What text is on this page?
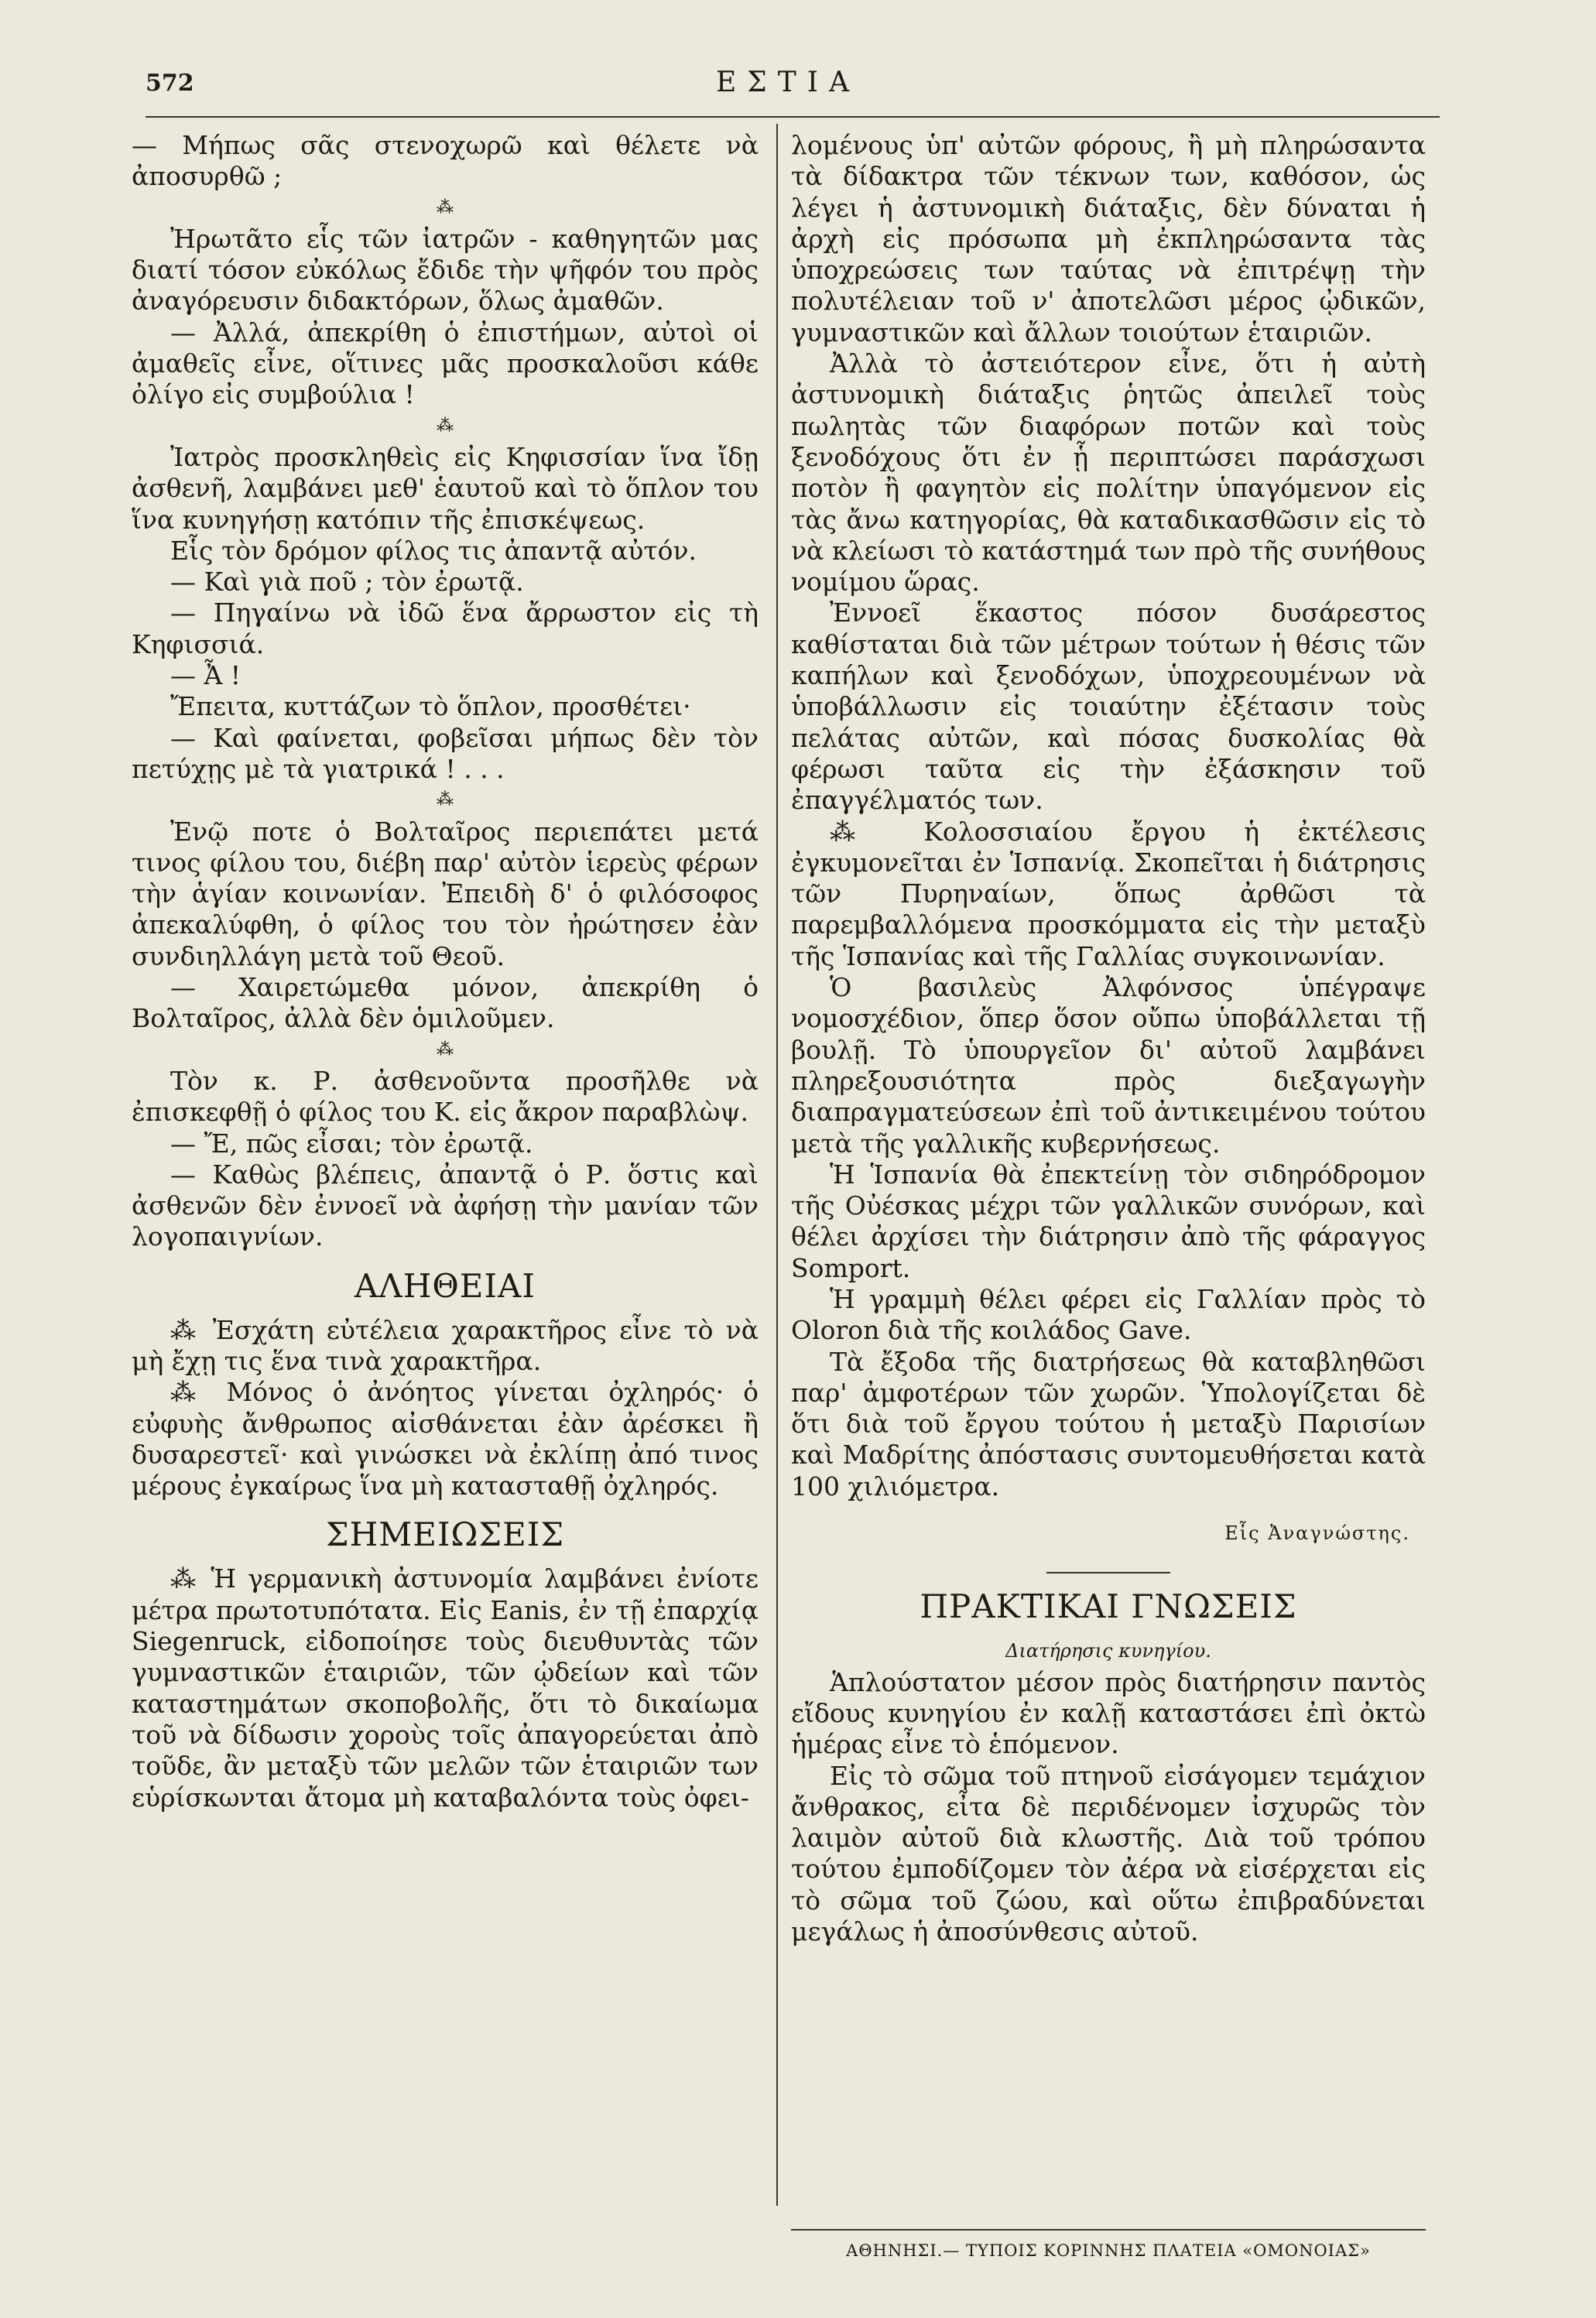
572	ΕΣΤΙΑ

— Μήπως σᾶς στενοχωρῶ καὶ θέλετε νὰ ἀποσυρθῶ ;

⁂

Ἠρωτᾶτο εἷς τῶν ἰατρῶν - καθηγητῶν μας διατί τόσον εὐκόλως ἔδιδε τὴν ψῆφόν του πρὸς ἀναγόρευσιν διδακτόρων, ὅλως ἀμαθῶν.

— Ἀλλά, ἀπεκρίθη ὁ ἐπιστήμων, αὐτοὶ οἱ ἀμαθεῖς εἶνε, οἵτινες μᾶς προσκαλοῦσι κάθε ὀλίγο εἰς συμβούλια !

⁂

Ἰατρὸς προσκληθεὶς εἰς Κηφισσίαν ἵνα ἴδῃ ἀσθενῆ, λαμβάνει μεθ' ἑαυτοῦ καὶ τὸ ὅπλον του ἵνα κυνηγήσῃ κατόπιν τῆς ἐπισκέψεως.

Εἷς τὸν δρόμον φίλος τις ἀπαντᾷ αὐτόν.

— Καὶ γιὰ ποῦ ; τὸν ἐρωτᾷ.

— Πηγαίνω νὰ ἰδῶ ἕνα ἄρρωστον εἰς τὴ Κηφισσιά.

— Ἆ !

Ἔπειτα, κυττάζων τὸ ὅπλον, προσθέτει·

— Καὶ φαίνεται, φοβεῖσαι μήπως δὲν τὸν πετύχῃς μὲ τὰ γιατρικά ! . . .

⁂

Ἐνῷ ποτε ὁ Βολταῖρος περιεπάτει μετά τινος φίλου του, διέβη παρ' αὐτὸν ἱερεὺς φέρων τὴν ἁγίαν κοινωνίαν. Ἐπειδὴ δ' ὁ φιλόσοφος ἀπεκαλύφθη, ὁ φίλος του τὸν ἠρώτησεν ἐὰν συνδιηλλάγη μετὰ τοῦ Θεοῦ.

— Χαιρετώμεθα μόνον, ἀπεκρίθη ὁ Βολταῖρος, ἀλλὰ δὲν ὁμιλοῦμεν.

⁂

Τὸν κ. Ρ. ἀσθενοῦντα προσῆλθε νὰ ἐπισκεφθῇ ὁ φίλος του Κ. εἰς ἄκρον παραβλὼψ.

— Ἔ, πῶς εἶσαι; τὸν ἐρωτᾷ.

— Καθὼς βλέπεις, ἀπαντᾷ ὁ Ρ. ὅστις καὶ ἀσθενῶν δὲν ἐννοεῖ νὰ ἀφήσῃ τὴν μανίαν τῶν λογοπαιγνίων.

ΑΛΗΘΕΙΑΙ

⁂ Ἐσχάτη εὐτέλεια χαρακτῆρος εἶνε τὸ νὰ μὴ ἔχῃ τις ἕνα τινὰ χαρακτῆρα.

⁂ Μόνος ὁ ἀνόητος γίνεται ὀχληρός· ὁ εὐφυὴς ἄνθρωπος αἰσθάνεται ἐὰν ἀρέσκει ἢ δυσαρεστεῖ· καὶ γινώσκει νὰ ἐκλίπῃ ἀπό τινος μέρους ἐγκαίρως ἵνα μὴ κατασταθῇ ὀχληρός.

ΣΗΜΕΙΩΣΕΙΣ

⁂ Ἡ γερμανικὴ ἀστυνομία λαμβάνει ἐνίοτε μέτρα πρωτοτυπότατα. Εἰς Eanis, ἐν τῇ ἐπαρχίᾳ Siegenruck, εἰδοποίησε τοὺς διευθυντὰς τῶν γυμναστικῶν ἑταιριῶν, τῶν ᾠδείων καὶ τῶν καταστημάτων σκοποβολῆς, ὅτι τὸ δικαίωμα τοῦ νὰ δίδωσιν χοροὺς τοῖς ἀπαγορεύεται ἀπὸ τοῦδε, ἂν μεταξὺ τῶν μελῶν τῶν ἑταιριῶν των εὑρίσκωνται ἄτομα μὴ καταβαλόντα τοὺς ὀφει-

λομένους ὑπ' αὐτῶν φόρους, ἢ μὴ πληρώσαντα τὰ δίδακτρα τῶν τέκνων των, καθόσον, ὡς λέγει ἡ ἀστυνομικὴ διάταξις, δὲν δύναται ἡ ἀρχὴ εἰς πρόσωπα μὴ ἐκπληρώσαντα τὰς ὑποχρεώσεις των ταύτας νὰ ἐπιτρέψῃ τὴν πολυτέλειαν τοῦ ν' ἀποτελῶσι μέρος ᾠδικῶν, γυμναστικῶν καὶ ἄλλων τοιούτων ἑταιριῶν.

Ἀλλὰ τὸ ἀστειότερον εἶνε, ὅτι ἡ αὐτὴ ἀστυνομικὴ διάταξις ῥητῶς ἀπειλεῖ τοὺς πωλητὰς τῶν διαφόρων ποτῶν καὶ τοὺς ξενοδόχους ὅτι ἐν ᾗ περιπτώσει παράσχωσι ποτὸν ἢ φαγητὸν εἰς πολίτην ὑπαγόμενον εἰς τὰς ἄνω κατηγορίας, θὰ καταδικασθῶσιν εἰς τὸ νὰ κλείωσι τὸ κατάστημά των πρὸ τῆς συνήθους νομίμου ὥρας.

Ἐννοεῖ ἕκαστος πόσον δυσάρεστος καθίσταται διὰ τῶν μέτρων τούτων ἡ θέσις τῶν καπήλων καὶ ξενοδόχων, ὑποχρεουμένων νὰ ὑποβάλλωσιν εἰς τοιαύτην ἐξέτασιν τοὺς πελάτας αὐτῶν, καὶ πόσας δυσκολίας θὰ φέρωσι ταῦτα εἰς τὴν ἐξάσκησιν τοῦ ἐπαγγέλματός των.

⁂ Κολοσσιαίου ἔργου ἡ ἐκτέλεσις ἐγκυμονεῖται ἐν Ἱσπανίᾳ. Σκοπεῖται ἡ διάτρησις τῶν Πυρηναίων, ὅπως ἀρθῶσι τὰ παρεμβαλλόμενα προσκόμματα εἰς τὴν μεταξὺ τῆς Ἱσπανίας καὶ τῆς Γαλλίας συγκοινωνίαν.

Ὁ βασιλεὺς Ἀλφόνσος ὑπέγραψε νομοσχέδιον, ὅπερ ὅσον οὔπω ὑποβάλλεται τῇ βουλῇ. Τὸ ὑπουργεῖον δι' αὐτοῦ λαμβάνει πληρεξουσιότητα πρὸς διεξαγωγὴν διαπραγματεύσεων ἐπὶ τοῦ ἀντικειμένου τούτου μετὰ τῆς γαλλικῆς κυβερνήσεως.

Ἡ Ἱσπανία θὰ ἐπεκτείνῃ τὸν σιδηρόδρομον τῆς Οὐέσκας μέχρι τῶν γαλλικῶν συνόρων, καὶ θέλει ἀρχίσει τὴν διάτρησιν ἀπὸ τῆς φάραγγος Somport.

Ἡ γραμμὴ θέλει φέρει εἰς Γαλλίαν πρὸς τὸ Oloron διὰ τῆς κοιλάδος Gave.

Τὰ ἔξοδα τῆς διατρήσεως θὰ καταβληθῶσι παρ' ἀμφοτέρων τῶν χωρῶν. Ὑπολογίζεται δὲ ὅτι διὰ τοῦ ἔργου τούτου ἡ μεταξὺ Παρισίων καὶ Μαδρίτης ἀπόστασις συντομευθήσεται κατὰ 100 χιλιόμετρα.

Εἷς Ἀναγνώστης.
ΠΡΑΚΤΙΚΑΙ ΓΝΩΣΕΙΣ
Διατήρησις κυνηγίου.

Ἁπλούστατον μέσον πρὸς διατήρησιν παντὸς εἴδους κυνηγίου ἐν καλῇ καταστάσει ἐπὶ ὀκτὼ ἡμέρας εἶνε τὸ ἑπόμενον.

Εἰς τὸ σῶμα τοῦ πτηνοῦ εἰσάγομεν τεμάχιον ἄνθρακος, εἶτα δὲ περιδένομεν ἰσχυρῶς τὸν λαιμὸν αὐτοῦ διὰ κλωστῆς. Διὰ τοῦ τρόπου τούτου ἐμποδίζομεν τὸν ἀέρα νὰ εἰσέρχεται εἰς τὸ σῶμα τοῦ ζώου, καὶ οὕτω ἐπιβραδύνεται μεγάλως ἡ ἀποσύνθεσις αὐτοῦ.

ΑΘΗΝΗΣΙ.— ΤΥΠΟΙΣ ΚΟΡΙΝΝΗΣ ΠΛΑΤΕΙΑ «ΟΜΟΝΟΙΑΣ»
